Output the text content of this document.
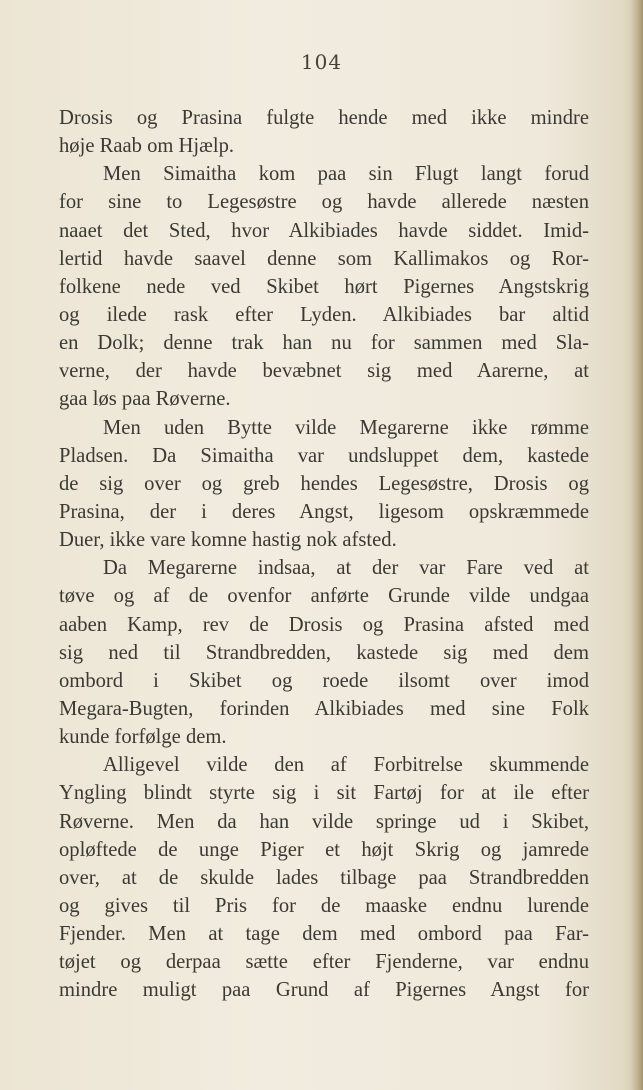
104
Drosis og Prasina fulgte hende med ikke mindre
høje Raab om Hjælp.
Men Simaitha kom paa sin Flugt langt forud
for sine to Legesøstre og havde allerede næsten
naaet det Sted, hvor Alkibiades havde siddet. Imid-
lertid havde saavel denne som Kallimakos og Ror-
folkene nede ved Skibet hørt Pigernes Angstskrig
og ilede rask efter Lyden. Alkibiades bar altid
en Dolk; denne trak han nu for sammen med Sla-
verne, der havde bevæbnet sig med Aarerne, at
gaa løs paa Røverne.
Men uden Bytte vilde Megarerne ikke rømme
Pladsen. Da Simaitha var undsluppet dem, kastede
de sig over og greb hendes Legesøstre, Drosis og
Prasina, der i deres Angst, ligesom opskræmmede
Duer, ikke vare komne hastig nok afsted.
Da Megarerne indsaa, at der var Fare ved at
tøve og af de ovenfor anførte Grunde vilde undgaa
aaben Kamp, rev de Drosis og Prasina afsted med
sig ned til Strandbredden, kastede sig med dem
ombord i Skibet og roede ilsomt over imod
Megara-Bugten, forinden Alkibiades med sine Folk
kunde forfølge dem.
Alligevel vilde den af Forbitrelse skummende
Yngling blindt styrte sig i sit Fartøj for at ile efter
Røverne. Men da han vilde springe ud i Skibet,
opløftede de unge Piger et højt Skrig og jamrede
over, at de skulde lades tilbage paa Strandbredden
og gives til Pris for de maaske endnu lurende
Fjender. Men at tage dem med ombord paa Far-
tøjet og derpaa sætte efter Fjenderne, var endnu
mindre muligt paa Grund af Pigernes Angst for
